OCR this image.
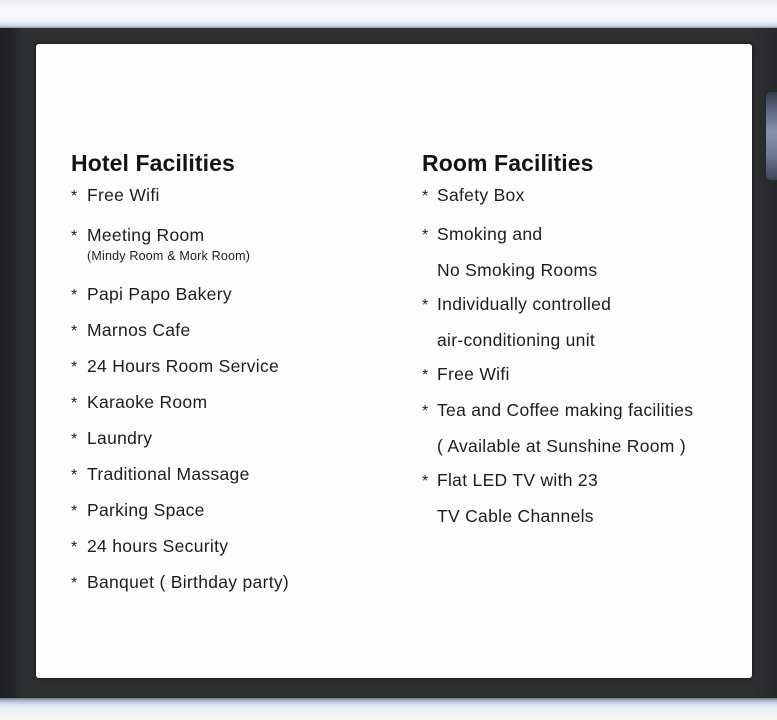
Hotel Facilities
* Free Wifi
* Meeting Room
(Mindy Room & Mork Room)
* Papi Papo Bakery
* Marnos Cafe
* 24 Hours Room Service
* Karaoke Room
* Laundry
* Traditional Massage
* Parking Space
* 24 hours Security
* Banquet ( Birthday party)
Room Facilities
* Safety Box
* Smoking and
No Smoking Rooms
* Individually controlled
air-conditioning unit
* Free Wifi
* Tea and Coffee making facilities
( Available at Sunshine Room )
* Flat LED TV with 23
TV Cable Channels
